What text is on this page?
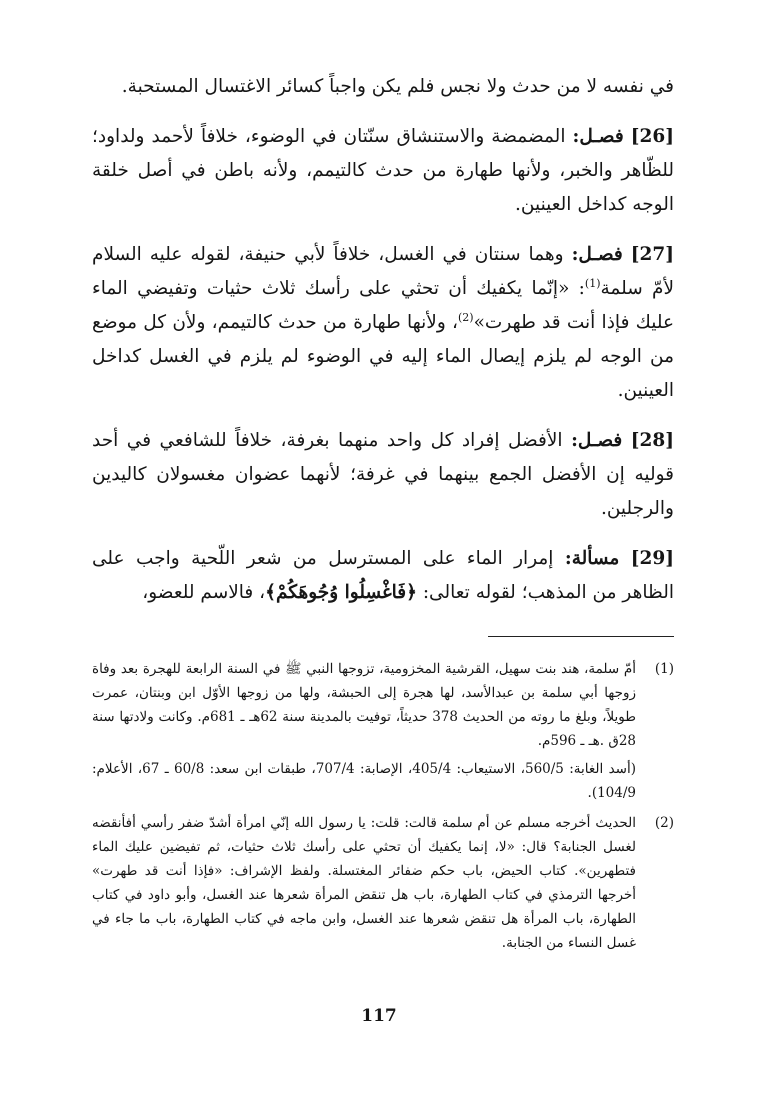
في نفسه لا من حدث ولا نجس فلم يكن واجباً كسائر الاغتسال المستحبة.

[26] فصـل: المضمضة والاستنشاق سنّتان في الوضوء، خلافاً لأحمد ولداود؛ للظّاهر والخبر، ولأنها طهارة من حدث كالتيمم، ولأنه باطن في أصل خلقة الوجه كداخل العينين.

[27] فصـل: وهما سنتان في الغسل، خلافاً لأبي حنيفة، لقوله عليه السلام لأمّ سلمة$^{(1)}$: «إنّما يكفيك أن تحثي على رأسك ثلاث حثيات وتفيضي الماء عليك فإذا أنت قد طهرت»$^{(2)}$، ولأنها طهارة من حدث كالتيمم، ولأن كل موضع من الوجه لم يلزم إيصال الماء إليه في الوضوء لم يلزم في الغسل كداخل العينين.

[28] فصـل: الأفضل إفراد كل واحد منهما بغرفة، خلافاً للشافعي في أحد قوليه إن الأفضل الجمع بينهما في غرفة؛ لأنهما عضوان مغسولان كاليدين والرجلين.

[29] مسألة: إمرار الماء على المسترسل من شعر اللّحية واجب على الظاهر من المذهب؛ لقوله تعالى: ﴿فَاغْسِلُوا وُجُوهَكُمْ﴾، فالاسم للعضو،

(1)

أمّ سلمة، هند بنت سهيل، القرشية المخزومية، تزوجها النبي ﷺ في السنة الرابعة للهجرة بعد وفاة زوجها أبي سلمة بن عبدالأسد، لها هجرة إلى الحبشة، ولها من زوجها الأوّل ابن وبنتان، عمرت طويلاً، وبلغ ما روته من الحديث 378 حديثاً، توفيت بالمدينة سنة 62هـ ـ 681م. وكانت ولادتها سنة 28ق .هـ ـ 596م.

(أسد الغابة: 560/5، الاستيعاب: 405/4، الإصابة: 707/4، طبقات ابن سعد: 60/8 ـ 67، الأعلام: 104/9).

(2)

الحديث أخرجه مسلم عن أم سلمة قالت: قلت: يا رسول الله إنّي امرأة أشدّ ضفر رأسي أفأنقضه لغسل الجنابة؟ قال: «لا، إنما يكفيك أن تحثي على رأسك ثلاث حثيات، ثم تفيضين عليك الماء فتطهرين». كتاب الحيض، باب حكم ضفائر المغتسلة. ولفظ الإشراف: «فإذا أنت قد طهرت» أخرجها الترمذي في كتاب الطهارة، باب هل تنقض المرأة شعرها عند الغسل، وأبو داود في كتاب الطهارة، باب المرأة هل تنقض شعرها عند الغسل، وابن ماجه في كتاب الطهارة، باب ما جاء في غسل النساء من الجنابة.

117
